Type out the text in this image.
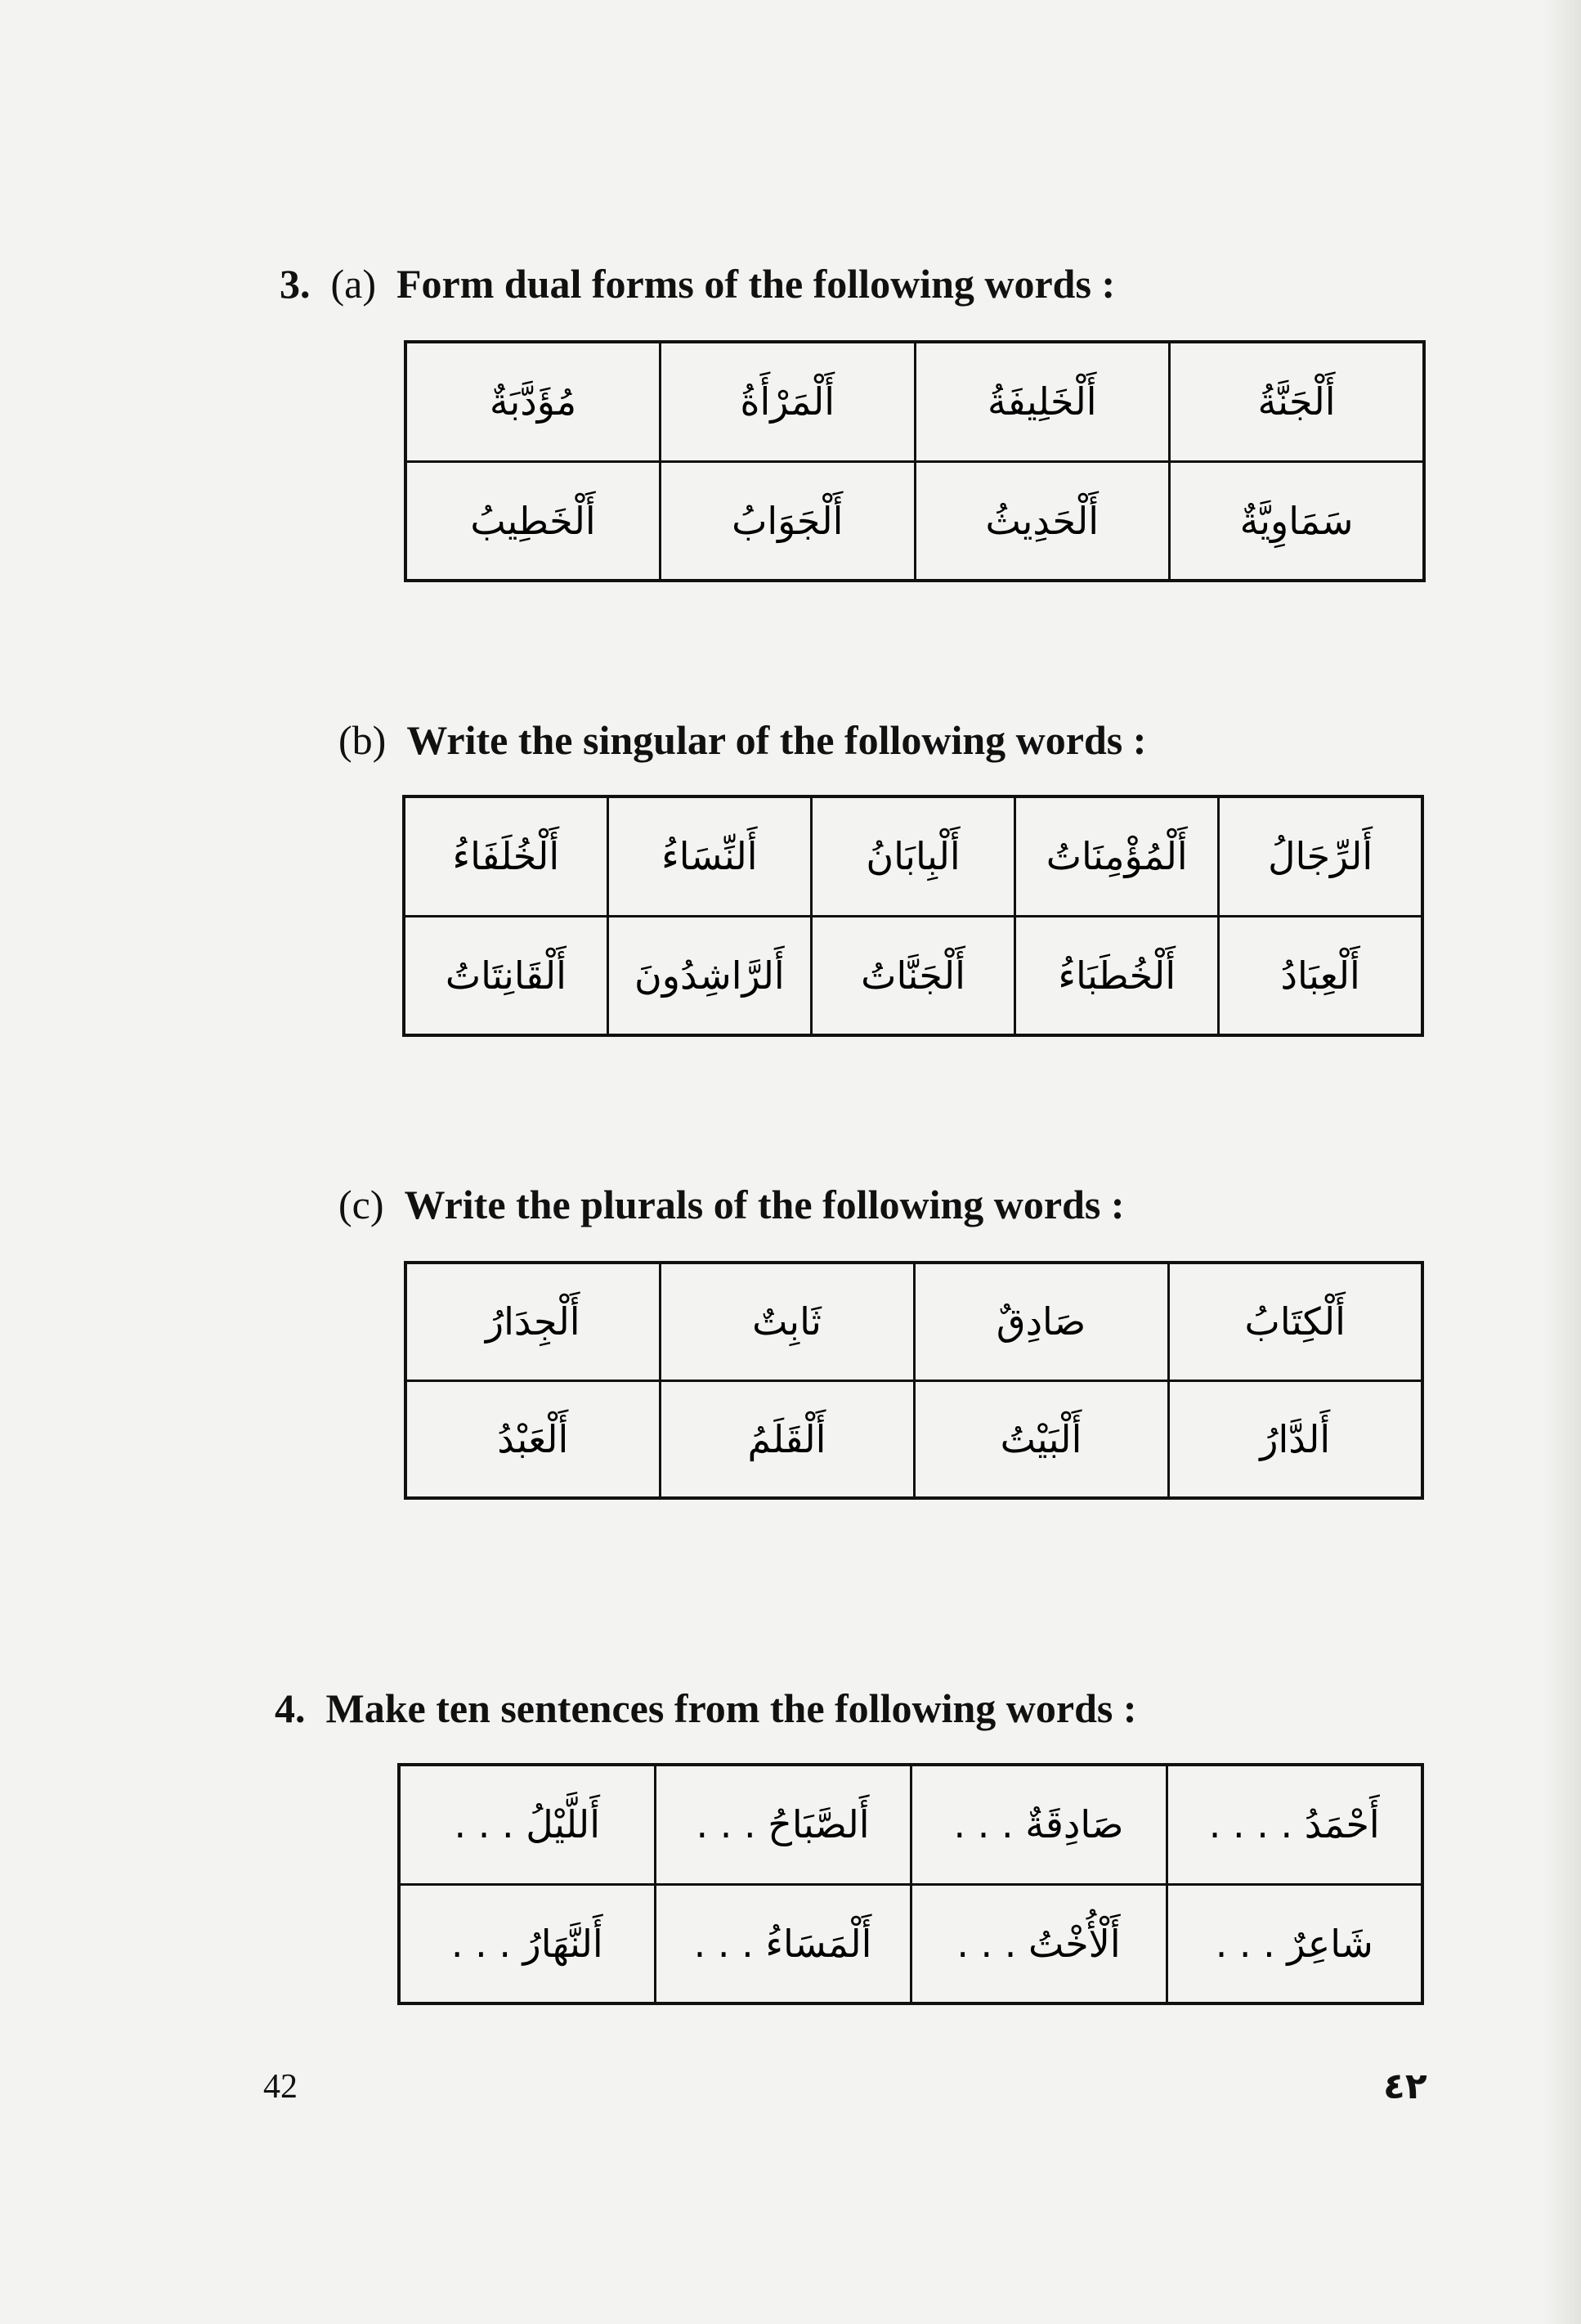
3. (a) Form dual forms of the following words :
أَلْجَنَّةُ	أَلْخَلِيفَةُ	أَلْمَرْأَةُ	مُؤَدَّبَةٌ
سَمَاوِيَّةٌ	أَلْحَدِيثُ	أَلْجَوَابُ	أَلْخَطِيبُ
(b) Write the singular of the following words :
أَلرِّجَالُ	أَلْمُؤْمِنَاتُ	أَلْبِابَانُ	أَلنِّسَاءُ	أَلْخُلَفَاءُ
أَلْعِبَادُ	أَلْخُطَبَاءُ	أَلْجَنَّاتُ	أَلرَّاشِدُونَ	أَلْقَانِتَاتُ
(c) Write the plurals of the following words :
أَلْكِتَابُ	صَادِقٌ	ثَابِتٌ	أَلْجِدَارُ
أَلدَّارُ	أَلْبَيْتُ	أَلْقَلَمُ	أَلْعَبْدُ
4. Make ten sentences from the following words :
أَحْمَدُ . . . .	صَادِقَةٌ . . .	أَلصَّبَاحُ . . .	أَللَّيْلُ . . .
شَاعِرٌ . . .	أَلْأُخْتُ . . .	أَلْمَسَاءُ . . .	أَلنَّهَارُ . . .
42	٤٢
